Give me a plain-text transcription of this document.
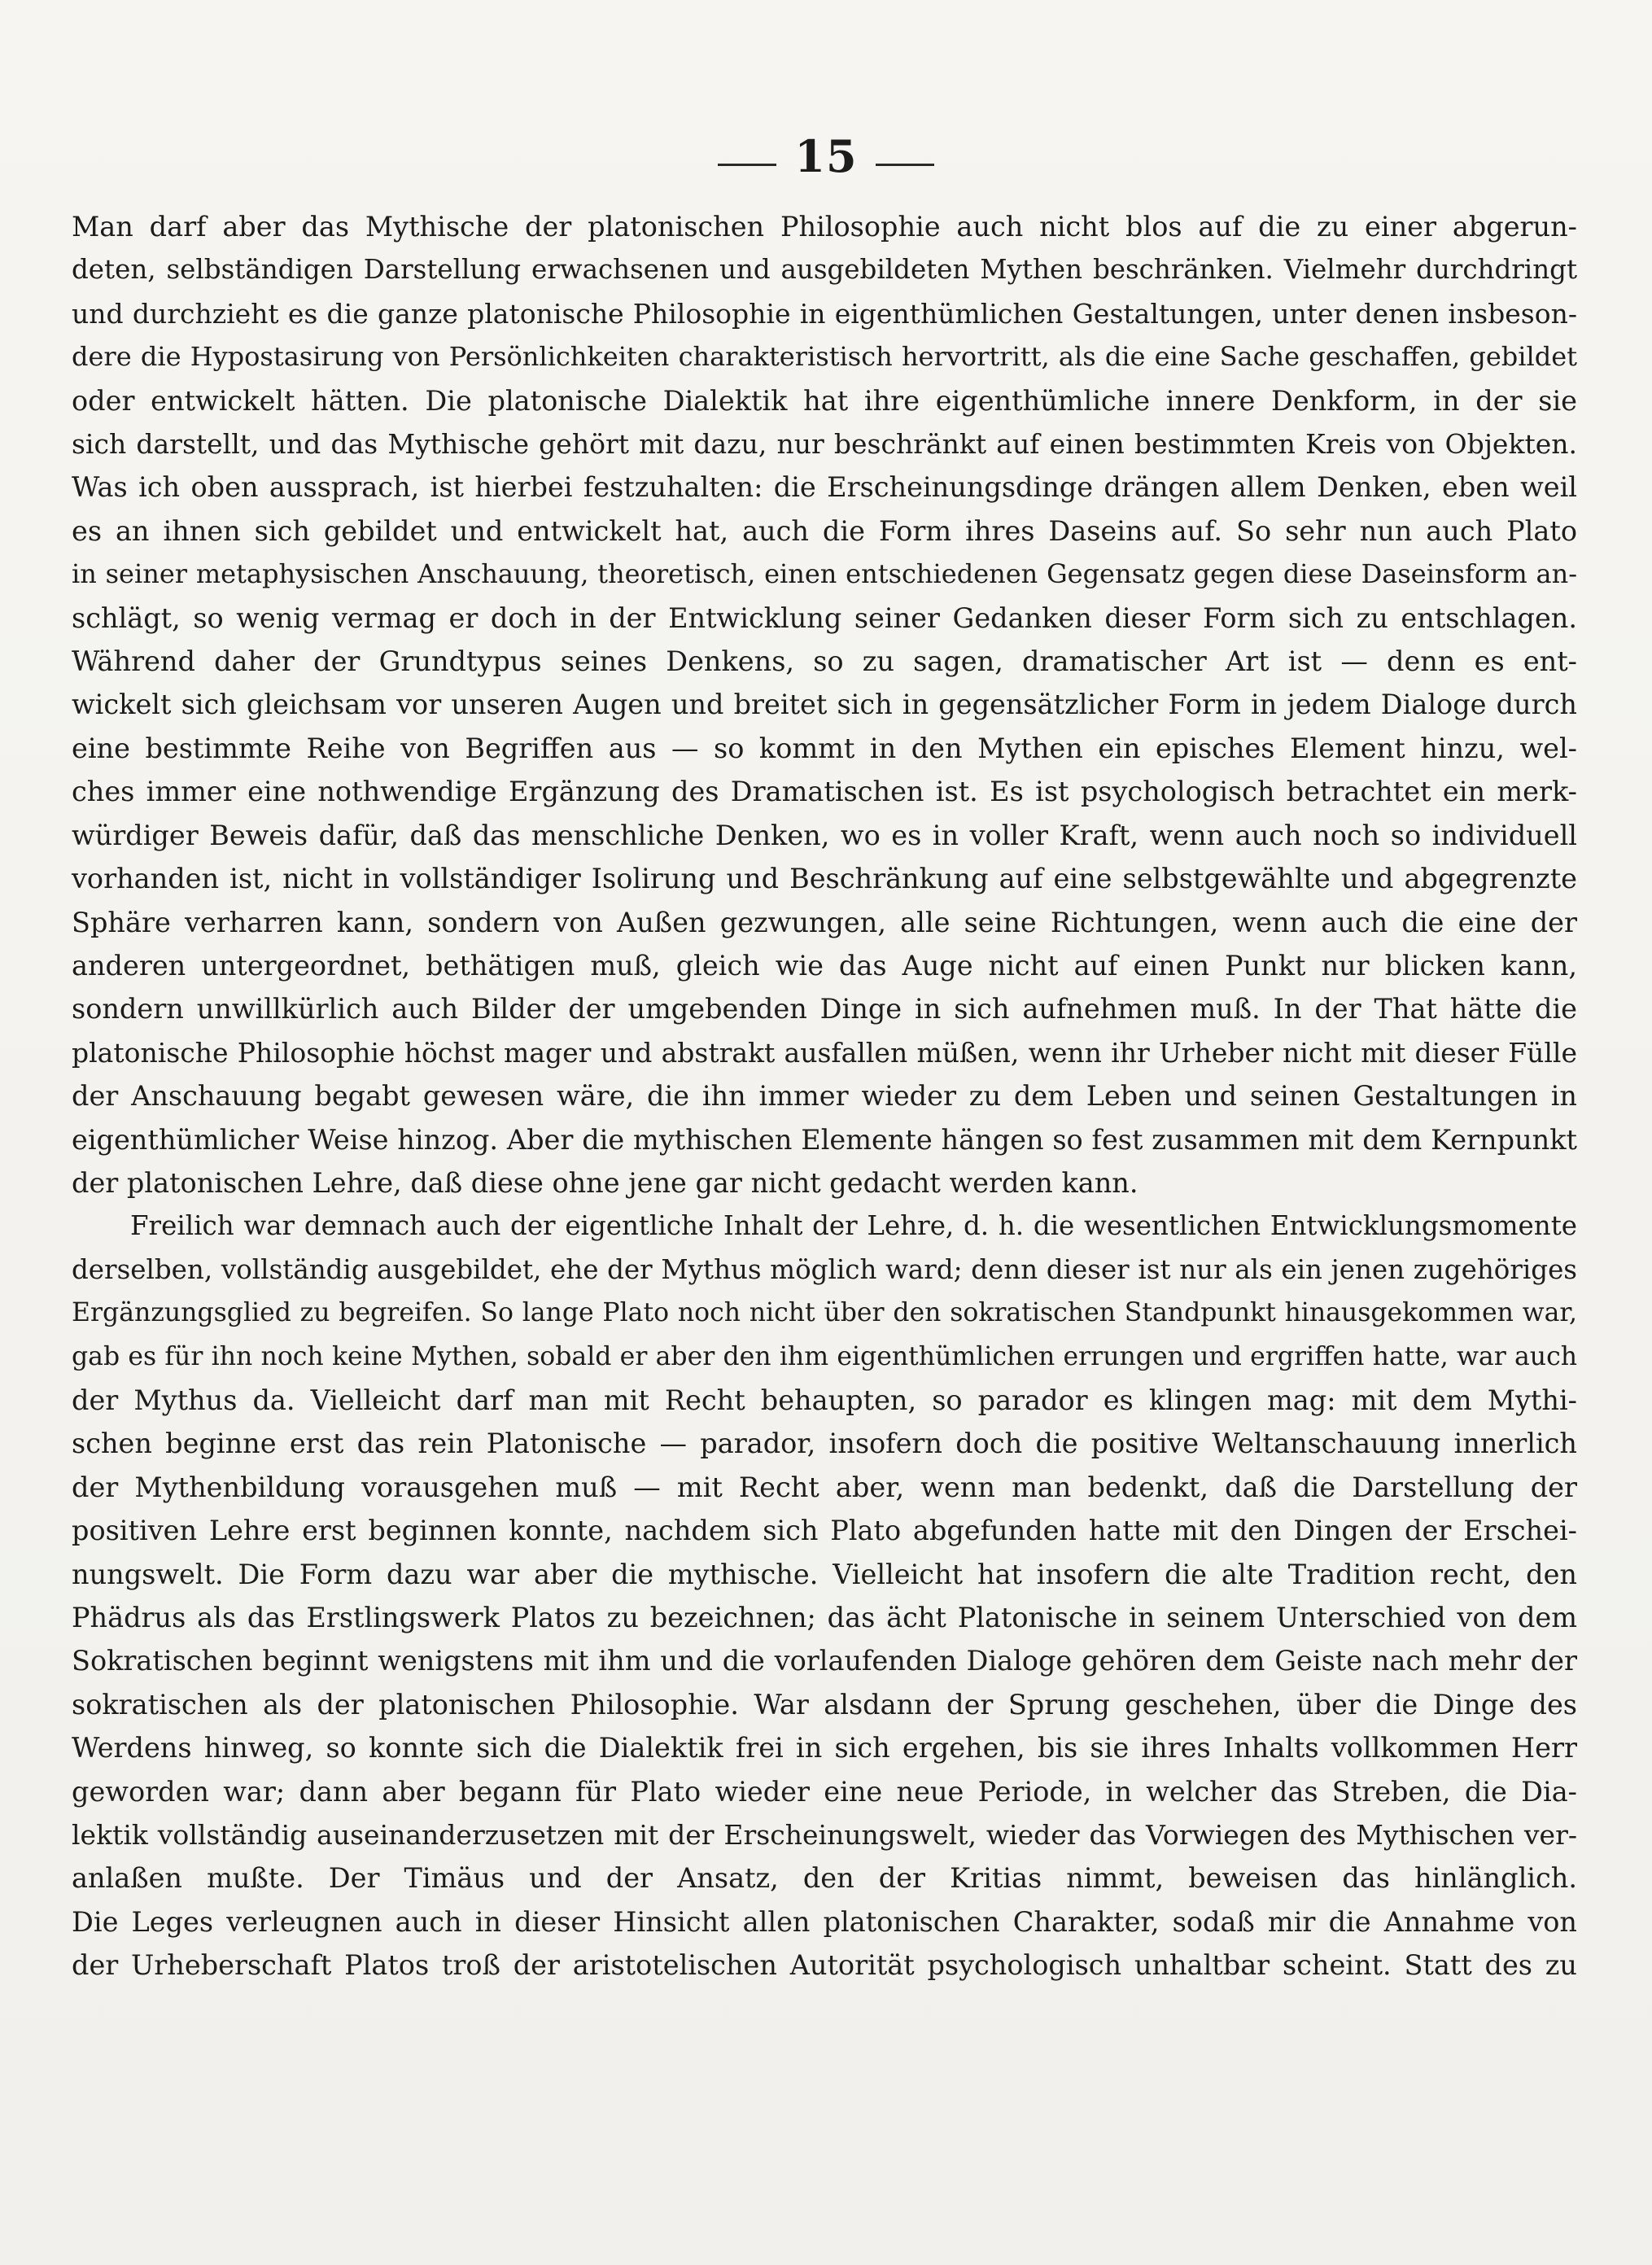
15
Man darf aber das Mythische der platonischen Philosophie auch nicht blos auf die zu einer abgerun-
deten, selbständigen Darstellung erwachsenen und ausgebildeten Mythen beschränken. Vielmehr durchdringt
und durchzieht es die ganze platonische Philosophie in eigenthümlichen Gestaltungen, unter denen insbeson-
dere die Hypostasirung von Persönlichkeiten charakteristisch hervortritt, als die eine Sache geschaffen, gebildet
oder entwickelt hätten. Die platonische Dialektik hat ihre eigenthümliche innere Denkform, in der sie
sich darstellt, und das Mythische gehört mit dazu, nur beschränkt auf einen bestimmten Kreis von Objekten.
Was ich oben aussprach, ist hierbei festzuhalten: die Erscheinungsdinge drängen allem Denken, eben weil
es an ihnen sich gebildet und entwickelt hat, auch die Form ihres Daseins auf. So sehr nun auch Plato
in seiner metaphysischen Anschauung, theoretisch, einen entschiedenen Gegensatz gegen diese Daseinsform an-
schlägt, so wenig vermag er doch in der Entwicklung seiner Gedanken dieser Form sich zu entschlagen.
Während daher der Grundtypus seines Denkens, so zu sagen, dramatischer Art ist — denn es ent-
wickelt sich gleichsam vor unseren Augen und breitet sich in gegensätzlicher Form in jedem Dialoge durch
eine bestimmte Reihe von Begriffen aus — so kommt in den Mythen ein episches Element hinzu, wel-
ches immer eine nothwendige Ergänzung des Dramatischen ist. Es ist psychologisch betrachtet ein merk-
würdiger Beweis dafür, daß das menschliche Denken, wo es in voller Kraft, wenn auch noch so individuell
vorhanden ist, nicht in vollständiger Isolirung und Beschränkung auf eine selbstgewählte und abgegrenzte
Sphäre verharren kann, sondern von Außen gezwungen, alle seine Richtungen, wenn auch die eine der
anderen untergeordnet, bethätigen muß, gleich wie das Auge nicht auf einen Punkt nur blicken kann,
sondern unwillkürlich auch Bilder der umgebenden Dinge in sich aufnehmen muß. In der That hätte die
platonische Philosophie höchst mager und abstrakt ausfallen müßen, wenn ihr Urheber nicht mit dieser Fülle
der Anschauung begabt gewesen wäre, die ihn immer wieder zu dem Leben und seinen Gestaltungen in
eigenthümlicher Weise hinzog. Aber die mythischen Elemente hängen so fest zusammen mit dem Kernpunkt
der platonischen Lehre, daß diese ohne jene gar nicht gedacht werden kann.
Freilich war demnach auch der eigentliche Inhalt der Lehre, d. h. die wesentlichen Entwicklungsmomente
derselben, vollständig ausgebildet, ehe der Mythus möglich ward; denn dieser ist nur als ein jenen zugehöriges
Ergänzungsglied zu begreifen. So lange Plato noch nicht über den sokratischen Standpunkt hinausgekommen war,
gab es für ihn noch keine Mythen, sobald er aber den ihm eigenthümlichen errungen und ergriffen hatte, war auch
der Mythus da. Vielleicht darf man mit Recht behaupten, so parador es klingen mag: mit dem Mythi-
schen beginne erst das rein Platonische — parador, insofern doch die positive Weltanschauung innerlich
der Mythenbildung vorausgehen muß — mit Recht aber, wenn man bedenkt, daß die Darstellung der
positiven Lehre erst beginnen konnte, nachdem sich Plato abgefunden hatte mit den Dingen der Erschei-
nungswelt. Die Form dazu war aber die mythische. Vielleicht hat insofern die alte Tradition recht, den
Phädrus als das Erstlingswerk Platos zu bezeichnen; das ächt Platonische in seinem Unterschied von dem
Sokratischen beginnt wenigstens mit ihm und die vorlaufenden Dialoge gehören dem Geiste nach mehr der
sokratischen als der platonischen Philosophie. War alsdann der Sprung geschehen, über die Dinge des
Werdens hinweg, so konnte sich die Dialektik frei in sich ergehen, bis sie ihres Inhalts vollkommen Herr
geworden war; dann aber begann für Plato wieder eine neue Periode, in welcher das Streben, die Dia-
lektik vollständig auseinanderzusetzen mit der Erscheinungswelt, wieder das Vorwiegen des Mythischen ver-
anlaßen mußte. Der Timäus und der Ansatz, den der Kritias nimmt, beweisen das hinlänglich.
Die Leges verleugnen auch in dieser Hinsicht allen platonischen Charakter, sodaß mir die Annahme von
der Urheberschaft Platos troß der aristotelischen Autorität psychologisch unhaltbar scheint. Statt des zu
